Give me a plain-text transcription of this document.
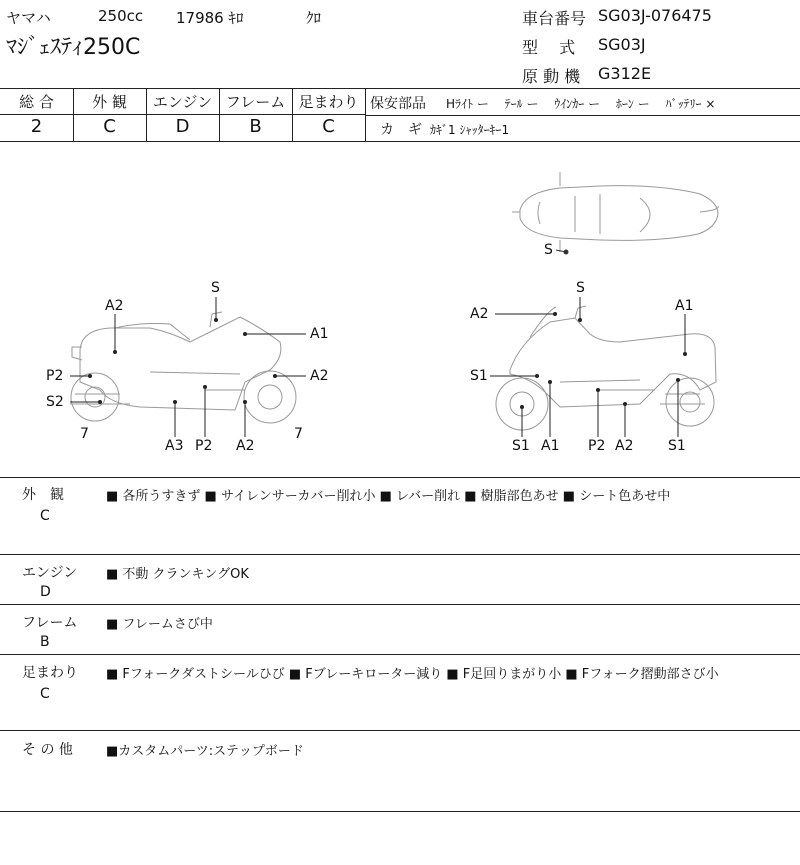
ヤマハ	250cc 17986 ｷﾛ	ｸﾛ
ﾏｼﾞｪｽﾃｨ250C
車台番号 SG03J-076475
型　 式 SG03J
原 動 機 G312E
総 合	外 観	エンジン フレーム 足まわり
2	C	D	B	C
保安部品 Hﾗｲﾄ ー　 ﾃｰﾙ ー　 ｳｲﾝｶｰ ー　 ﾎｰﾝ ー　 ﾊﾞｯﾃﾘｰ ×
カ　ギ ｶｷﾞ1 ｼｬｯﾀｰｷｰ1
S
A2
A1
P2	A2
S2
7
A3 P2 A2
7
S
A2	A1
S1
S1 A1 P2 A2 S1
S
外　観
C
■ 各所うすきず ■ サイレンサーカバー削れ小 ■ レバー削れ ■ 樹脂部色あせ ■ シート色あせ中
エンジン
D
■ 不動 クランキングOK
フレーム
B
■ フレームさび中
足まわり
C
■ Fフォークダストシールひび ■ Fブレーキローター減り ■ F足回りまがり小 ■ Fフォーク摺動部さび小
そ の 他	■カスタムパーツ:ステップボード
